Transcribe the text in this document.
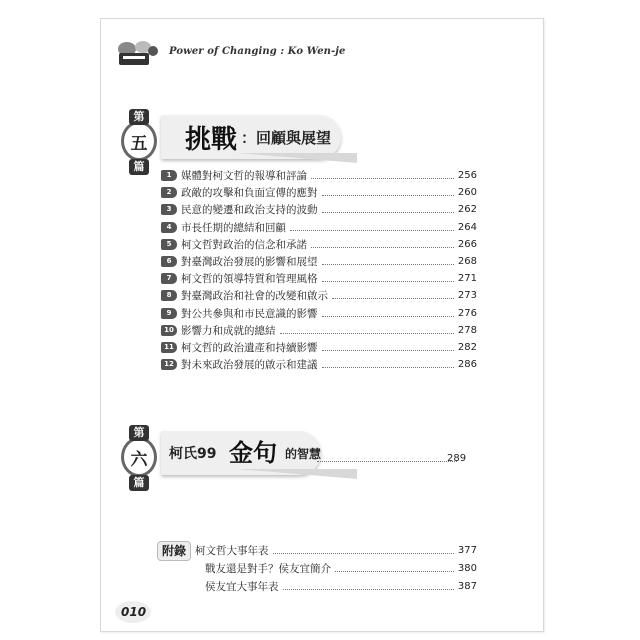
Power of Changing : Ko Wen-je
第
五
篇
挑戰 ：回顧與展望
1 媒體對柯文哲的報導和評論	256
2 政敵的攻擊和負面宣傳的應對	260
3 民意的變遷和政治支持的波動	262
4 市長任期的總結和回顧	264
5 柯文哲對政治的信念和承諾	266
6 對臺灣政治發展的影響和展望	268
7 柯文哲的領導特質和管理風格	271
8 對臺灣政治和社會的改變和啟示	273
9 對公共參與和市民意識的影響	276
10 影響力和成就的總結	278
11 柯文哲的政治遺產和持續影響	282
12 對未來政治發展的啟示和建議	286
第
六
篇
柯氏99 金句 的智慧	289
附錄 柯文哲大事年表	377
戰友還是對手？侯友宜簡介	380
侯友宜大事年表	387
010
